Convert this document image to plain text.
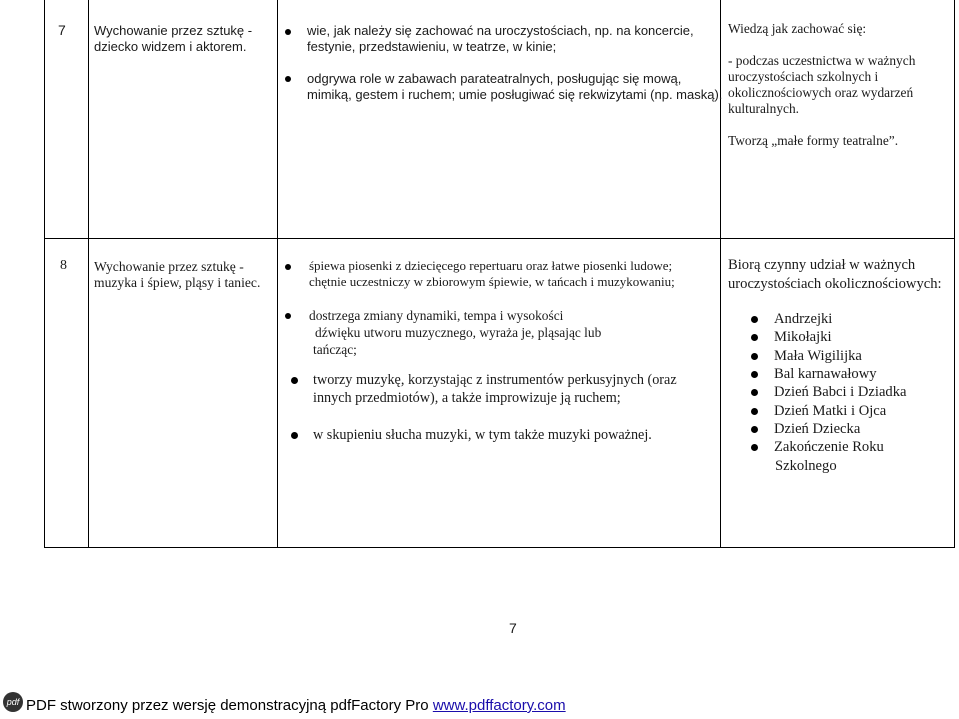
7 Wychowanie przez sztukę -
dziecko widzem i aktorem.
wie, jak należy się zachować na uroczystościach, np. na koncercie,
festynie, przedstawieniu, w teatrze, w kinie;
odgrywa role w zabawach parateatralnych, posługując się mową,
mimiką, gestem i ruchem; umie posługiwać się rekwizytami (np. maską).
Wiedzą jak zachować się:
- podczas uczestnictwa w ważnych
uroczystościach szkolnych i
okolicznościowych oraz wydarzeń
kulturalnych.
Tworzą „małe formy teatralne”.
8 Wychowanie przez sztukę -
muzyka i śpiew, pląsy i taniec.
śpiewa piosenki z dziecięcego repertuaru oraz łatwe piosenki ludowe;
chętnie uczestniczy w zbiorowym śpiewie, w tańcach i muzykowaniu;
dostrzega zmiany dynamiki, tempa i wysokości
dźwięku utworu muzycznego, wyraża je, pląsając lub
tańcząc;
tworzy muzykę, korzystając z instrumentów perkusyjnych (oraz
innych przedmiotów), a także improwizuje ją ruchem;
w skupieniu słucha muzyki, w tym także muzyki poważnej.
Biorą czynny udział w ważnych
uroczystościach okolicznościowych:
Andrzejki
Mikołajki
Mała Wigilijka
Bal karnawałowy
Dzień Babci i Dziadka
Dzień Matki i Ojca
Dzień Dziecka
Zakończenie Roku
Szkolnego
7
pdf PDF stworzony przez wersję demonstracyjną pdfFactory Pro www.pdffactory.com
